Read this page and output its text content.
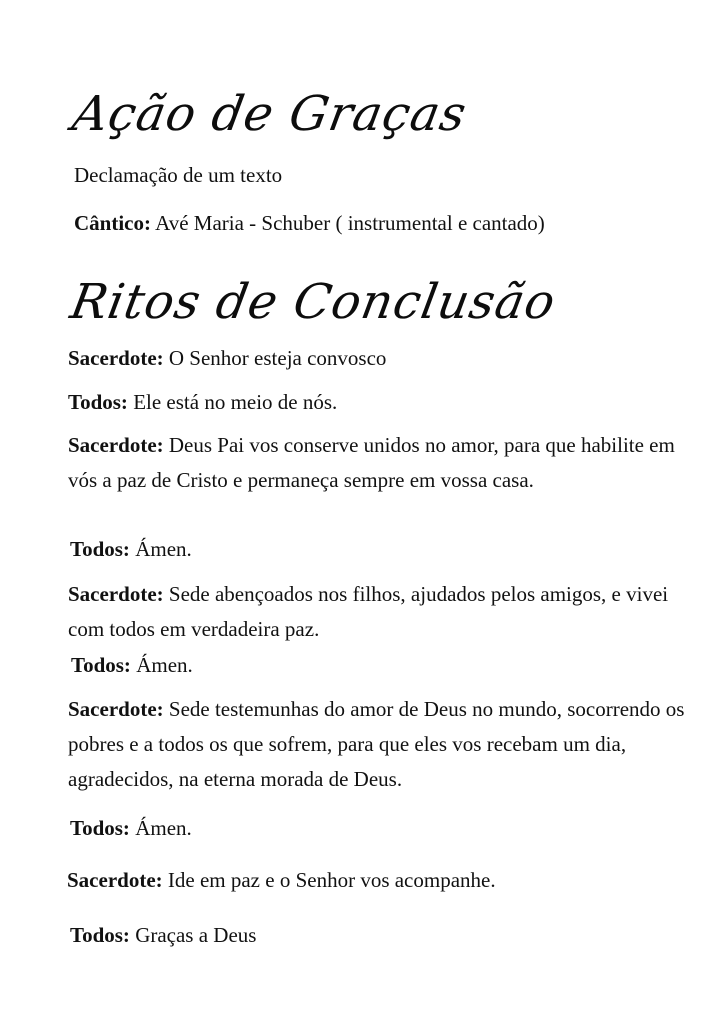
Ação de Graças
Declamação de um texto
Cântico: Avé Maria - Schuber ( instrumental e cantado)
Ritos de Conclusão
Sacerdote: O Senhor esteja convosco
Todos: Ele está no meio de nós.
Sacerdote: Deus Pai vos conserve unidos no amor, para que habilite em vós a paz de Cristo e permaneça sempre em vossa casa.
Todos: Ámen.
Sacerdote: Sede abençoados nos filhos, ajudados pelos amigos, e vivei com todos em verdadeira paz.
Todos: Ámen.
Sacerdote: Sede testemunhas do amor de Deus no mundo, socorrendo os pobres e a todos os que sofrem, para que eles vos recebam um dia, agradecidos, na eterna morada de Deus.
Todos: Ámen.
Sacerdote: Ide em paz e o Senhor vos acompanhe.
Todos: Graças a Deus
